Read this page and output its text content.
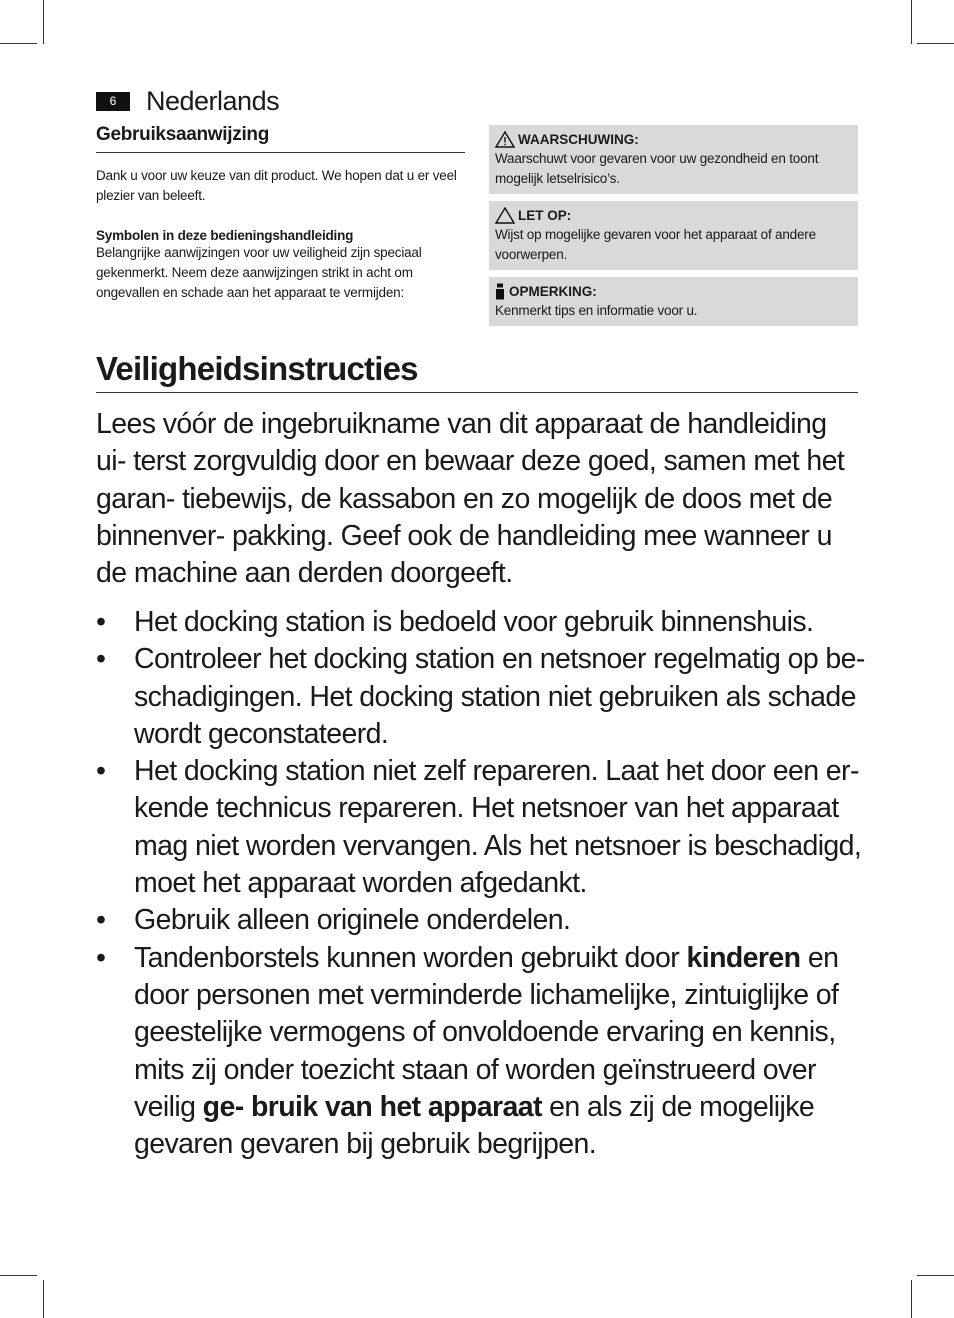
6	Nederlands
Gebruiksaanwijzing

Dank u voor uw keuze van dit product. We hopen dat u er veel plezier van beleeft.

Symbolen in deze bedieningshandleiding

Belangrijke aanwijzingen voor uw veiligheid zijn speciaal gekenmerkt. Neem deze aanwijzingen strikt in acht om ongevallen en schade aan het apparaat te vermijden:

WAARSCHUWING:
Waarschuwt voor gevaren voor uw gezondheid en toont mogelijk letselrisico’s.
LET OP:
Wijst op mogelijke gevaren voor het apparaat of andere voorwerpen.
OPMERKING:
Kenmerkt tips en informatie voor u.
Veiligheidsinstructies

Lees vóór de ingebruikname van dit apparaat de handleiding ui- terst zorgvuldig door en bewaar deze goed, samen met het garan- tiebewijs, de kassabon en zo mogelijk de doos met de binnenver- pakking. Geef ook de handleiding mee wanneer u de machine aan derden doorgeeft.

• Het docking station is bedoeld voor gebruik binnenshuis.
• Controleer het docking station en netsnoer regelmatig op be- schadigingen. Het docking station niet gebruiken als schade wordt geconstateerd.
• Het docking station niet zelf repareren. Laat het door een er- kende technicus repareren. Het netsnoer van het apparaat mag niet worden vervangen. Als het netsnoer is beschadigd, moet het apparaat worden afgedankt.
• Gebruik alleen originele onderdelen.
• Tandenborstels kunnen worden gebruikt door kinderen en door personen met verminderde lichamelijke, zintuiglijke of geestelijke vermogens of onvoldoende ervaring en kennis, mits zij onder toezicht staan of worden geïnstrueerd over veilig ge- bruik van het apparaat en als zij de mogelijke gevaren gevaren bij gebruik begrijpen.
